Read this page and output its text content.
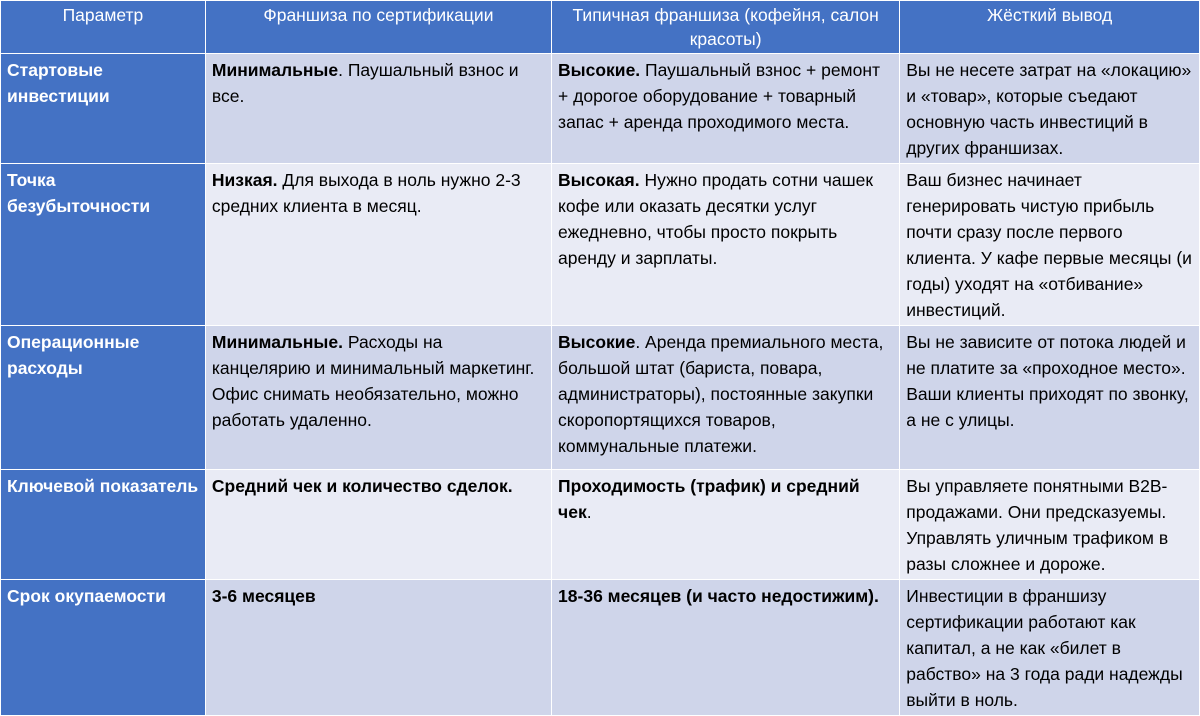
Параметр	Франшиза по сертификации	Типичная франшиза (кофейня, салон красоты)	Жёсткий вывод
Стартовые инвестиции	Минимальные. Паушальный взнос и все.	Высокие. Паушальный взнос + ремонт + дорогое оборудование + товарный запас + аренда проходимого места.	Вы не несете затрат на «локацию» и «товар», которые съедают основную часть инвестиций в других франшизах.
Точка безубыточности	Низкая. Для выхода в ноль нужно 2-3 средних клиента в месяц.	Высокая. Нужно продать сотни чашек кофе или оказать десятки услуг ежедневно, чтобы просто покрыть аренду и зарплаты.	Ваш бизнес начинает генерировать чистую прибыль почти сразу после первого клиента. У кафе первые месяцы (и годы) уходят на «отбивание» инвестиций.
Операционные расходы	Минимальные. Расходы на канцелярию и минимальный маркетинг. Офис снимать необязательно, можно работать удаленно.	Высокие. Аренда премиального места, большой штат (бариста, повара, администраторы), постоянные закупки скоропортящихся товаров, коммунальные платежи.	Вы не зависите от потока людей и не платите за «проходное место». Ваши клиенты приходят по звонку, а не с улицы.
Ключевой показатель	Средний чек и количество сделок.	Проходимость (трафик) и средний чек.	Вы управляете понятными B2B-продажами. Они предсказуемы. Управлять уличным трафиком в разы сложнее и дороже.
Срок окупаемости	3-6 месяцев	18-36 месяцев (и часто недостижим).	Инвестиции в франшизу сертификации работают как капитал, а не как «билет в рабство» на 3 года ради надежды выйти в ноль.
